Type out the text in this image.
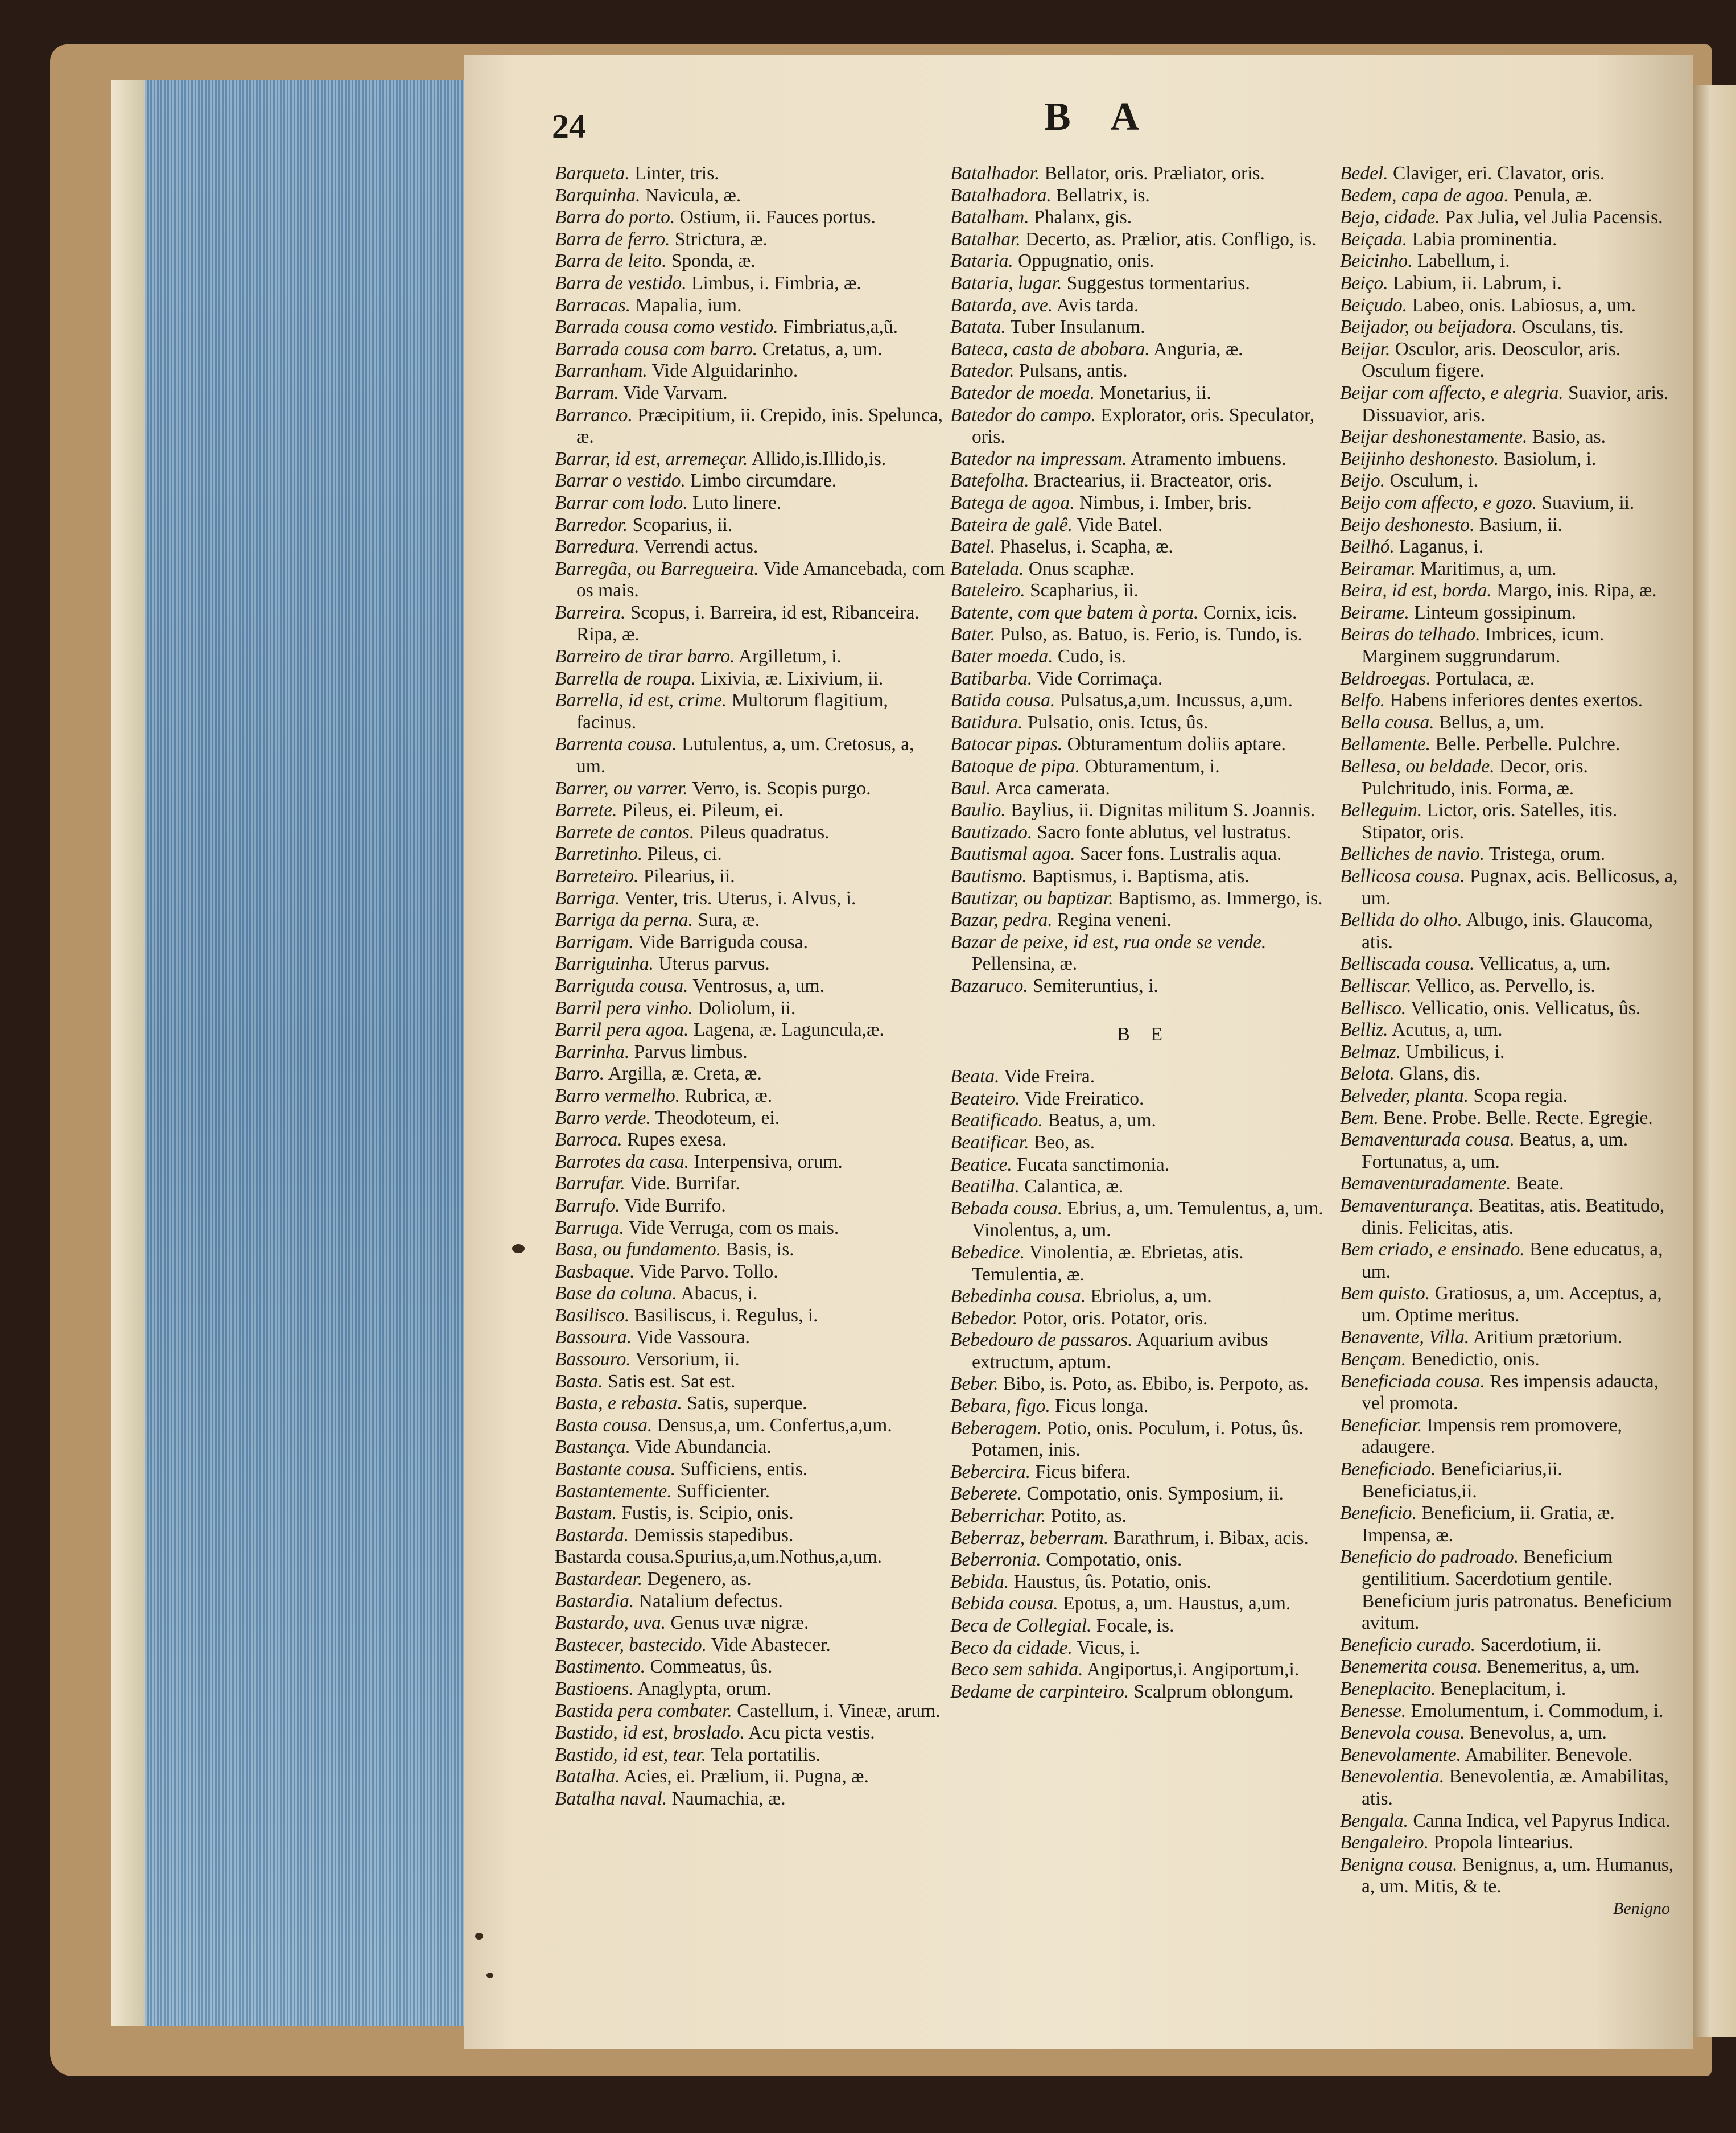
24	B A

Barqueta. Linter, tris.

Barquinha. Navicula, æ.

Barra do porto. Ostium, ii. Fauces portus.

Barra de ferro. Strictura, æ.

Barra de leito. Sponda, æ.

Barra de vestido. Limbus, i. Fimbria, æ.

Barracas. Mapalia, ium.

Barrada cousa como vestido. Fimbriatus,a,ũ.

Barrada cousa com barro. Cretatus, a, um.

Barranham. Vide Alguidarinho.

Barram. Vide Varvam.

Barranco. Præcipitium, ii. Crepido, inis. Spelunca, æ.

Barrar, id est, arremeçar. Allido,is.Illido,is.

Barrar o vestido. Limbo circumdare.

Barrar com lodo. Luto linere.

Barredor. Scoparius, ii.

Barredura. Verrendi actus.

Barregãa, ou Barregueira. Vide Amancebada, com os mais.

Barreira. Scopus, i. Barreira, id est, Ribanceira. Ripa, æ.

Barreiro de tirar barro. Argilletum, i.

Barrella de roupa. Lixivia, æ. Lixivium, ii.

Barrella, id est, crime. Multorum flagitium, facinus.

Barrenta cousa. Lutulentus, a, um. Cretosus, a, um.

Barrer, ou varrer. Verro, is. Scopis purgo.

Barrete. Pileus, ei. Pileum, ei.

Barrete de cantos. Pileus quadratus.

Barretinho. Pileus, ci.

Barreteiro. Pilearius, ii.

Barriga. Venter, tris. Uterus, i. Alvus, i.

Barriga da perna. Sura, æ.

Barrigam. Vide Barriguda cousa.

Barriguinha. Uterus parvus.

Barriguda cousa. Ventrosus, a, um.

Barril pera vinho. Doliolum, ii.

Barril pera agoa. Lagena, æ. Laguncula,æ.

Barrinha. Parvus limbus.

Barro. Argilla, æ. Creta, æ.

Barro vermelho. Rubrica, æ.

Barro verde. Theodoteum, ei.

Barroca. Rupes exesa.

Barrotes da casa. Interpensiva, orum.

Barrufar. Vide. Burrifar.

Barrufo. Vide Burrifo.

Barruga. Vide Verruga, com os mais.

Basa, ou fundamento. Basis, is.

Basbaque. Vide Parvo. Tollo.

Base da coluna. Abacus, i.

Basilisco. Basiliscus, i. Regulus, i.

Bassoura. Vide Vassoura.

Bassouro. Versorium, ii.

Basta. Satis est. Sat est.

Basta, e rebasta. Satis, superque.

Basta cousa. Densus,a, um. Confertus,a,um.

Bastança. Vide Abundancia.

Bastante cousa. Sufficiens, entis.

Bastantemente. Sufficienter.

Bastam. Fustis, is. Scipio, onis.

Bastarda. Demissis stapedibus.

Bastarda cousa.Spurius,a,um.Nothus,a,um.

Bastardear. Degenero, as.

Bastardia. Natalium defectus.

Bastardo, uva. Genus uvæ nigræ.

Bastecer, bastecido. Vide Abastecer.

Bastimento. Commeatus, ûs.

Bastioens. Anaglypta, orum.

Bastida pera combater. Castellum, i. Vineæ, arum.

Bastido, id est, broslado. Acu picta vestis.

Bastido, id est, tear. Tela portatilis.

Batalha. Acies, ei. Prælium, ii. Pugna, æ.

Batalha naval. Naumachia, æ.

Batalhador. Bellator, oris. Præliator, oris.

Batalhadora. Bellatrix, is.

Batalham. Phalanx, gis.

Batalhar. Decerto, as. Prælior, atis. Confligo, is.

Bataria. Oppugnatio, onis.

Bataria, lugar. Suggestus tormentarius.

Batarda, ave. Avis tarda.

Batata. Tuber Insulanum.

Bateca, casta de abobara. Anguria, æ.

Batedor. Pulsans, antis.

Batedor de moeda. Monetarius, ii.

Batedor do campo. Explorator, oris. Speculator, oris.

Batedor na impressam. Atramento imbuens.

Batefolha. Bractearius, ii. Bracteator, oris.

Batega de agoa. Nimbus, i. Imber, bris.

Bateira de galê. Vide Batel.

Batel. Phaselus, i. Scapha, æ.

Batelada. Onus scaphæ.

Bateleiro. Scapharius, ii.

Batente, com que batem à porta. Cornix, icis.

Bater. Pulso, as. Batuo, is. Ferio, is. Tundo, is.

Bater moeda. Cudo, is.

Batibarba. Vide Corrimaça.

Batida cousa. Pulsatus,a,um. Incussus, a,um.

Batidura. Pulsatio, onis. Ictus, ûs.

Batocar pipas. Obturamentum doliis aptare.

Batoque de pipa. Obturamentum, i.

Baul. Arca camerata.

Baulio. Baylius, ii. Dignitas militum S. Joannis.

Bautizado. Sacro fonte ablutus, vel lustratus.

Bautismal agoa. Sacer fons. Lustralis aqua.

Bautismo. Baptismus, i. Baptisma, atis.

Bautizar, ou baptizar. Baptismo, as. Immergo, is.

Bazar, pedra. Regina veneni.

Bazar de peixe, id est, rua onde se vende. Pellensina, æ.

Bazaruco. Semiteruntius, i.

B E

Beata. Vide Freira.

Beateiro. Vide Freiratico.

Beatificado. Beatus, a, um.

Beatificar. Beo, as.

Beatice. Fucata sanctimonia.

Beatilha. Calantica, æ.

Bebada cousa. Ebrius, a, um. Temulentus, a, um. Vinolentus, a, um.

Bebedice. Vinolentia, æ. Ebrietas, atis. Temulentia, æ.

Bebedinha cousa. Ebriolus, a, um.

Bebedor. Potor, oris. Potator, oris.

Bebedouro de passaros. Aquarium avibus extructum, aptum.

Beber. Bibo, is. Poto, as. Ebibo, is. Perpoto, as.

Bebara, figo. Ficus longa.

Beberagem. Potio, onis. Poculum, i. Potus, ûs. Potamen, inis.

Bebercira. Ficus bifera.

Beberete. Compotatio, onis. Symposium, ii.

Beberrichar. Potito, as.

Beberraz, beberram. Barathrum, i. Bibax, acis.

Beberronia. Compotatio, onis.

Bebida. Haustus, ûs. Potatio, onis.

Bebida cousa. Epotus, a, um. Haustus, a,um.

Beca de Collegial. Focale, is.

Beco da cidade. Vicus, i.

Beco sem sahida. Angiportus,i. Angiportum,i.

Bedame de carpinteiro. Scalprum oblongum.

Bedel. Claviger, eri. Clavator, oris.

Bedem, capa de agoa. Penula, æ.

Beja, cidade. Pax Julia, vel Julia Pacensis.

Beiçada. Labia prominentia.

Beicinho. Labellum, i.

Beiço. Labium, ii. Labrum, i.

Beiçudo. Labeo, onis. Labiosus, a, um.

Beijador, ou beijadora. Osculans, tis.

Beijar. Osculor, aris. Deosculor, aris. Osculum figere.

Beijar com affecto, e alegria. Suavior, aris. Dissuavior, aris.

Beijar deshonestamente. Basio, as.

Beijinho deshonesto. Basiolum, i.

Beijo. Osculum, i.

Beijo com affecto, e gozo. Suavium, ii.

Beijo deshonesto. Basium, ii.

Beilhó. Laganus, i.

Beiramar. Maritimus, a, um.

Beira, id est, borda. Margo, inis. Ripa, æ.

Beirame. Linteum gossipinum.

Beiras do telhado. Imbrices, icum. Marginem suggrundarum.

Beldroegas. Portulaca, æ.

Belfo. Habens inferiores dentes exertos.

Bella cousa. Bellus, a, um.

Bellamente. Belle. Perbelle. Pulchre.

Bellesa, ou beldade. Decor, oris. Pulchritudo, inis. Forma, æ.

Belleguim. Lictor, oris. Satelles, itis. Stipator, oris.

Belliches de navio. Tristega, orum.

Bellicosa cousa. Pugnax, acis. Bellicosus, a, um.

Bellida do olho. Albugo, inis. Glaucoma, atis.

Belliscada cousa. Vellicatus, a, um.

Belliscar. Vellico, as. Pervello, is.

Bellisco. Vellicatio, onis. Vellicatus, ûs.

Belliz. Acutus, a, um.

Belmaz. Umbilicus, i.

Belota. Glans, dis.

Belveder, planta. Scopa regia.

Bem. Bene. Probe. Belle. Recte. Egregie.

Bemaventurada cousa. Beatus, a, um. Fortunatus, a, um.

Bemaventuradamente. Beate.

Bemaventurança. Beatitas, atis. Beatitudo, dinis. Felicitas, atis.

Bem criado, e ensinado. Bene educatus, a, um.

Bem quisto. Gratiosus, a, um. Acceptus, a, um. Optime meritus.

Benavente, Villa. Aritium prætorium.

Bençam. Benedictio, onis.

Beneficiada cousa. Res impensis adaucta, vel promota.

Beneficiar. Impensis rem promovere, adaugere.

Beneficiado. Beneficiarius,ii. Beneficiatus,ii.

Beneficio. Beneficium, ii. Gratia, æ. Impensa, æ.

Beneficio do padroado. Beneficium gentilitium. Sacerdotium gentile. Beneficium juris patronatus. Beneficium avitum.

Beneficio curado. Sacerdotium, ii.

Benemerita cousa. Benemeritus, a, um.

Beneplacito. Beneplacitum, i.

Benesse. Emolumentum, i. Commodum, i.

Benevola cousa. Benevolus, a, um.

Benevolamente. Amabiliter. Benevole.

Benevolentia. Benevolentia, æ. Amabilitas, atis.

Bengala. Canna Indica, vel Papyrus Indica.

Bengaleiro. Propola lintearius.

Benigna cousa. Benignus, a, um. Humanus, a, um. Mitis, & te.

Benigno
